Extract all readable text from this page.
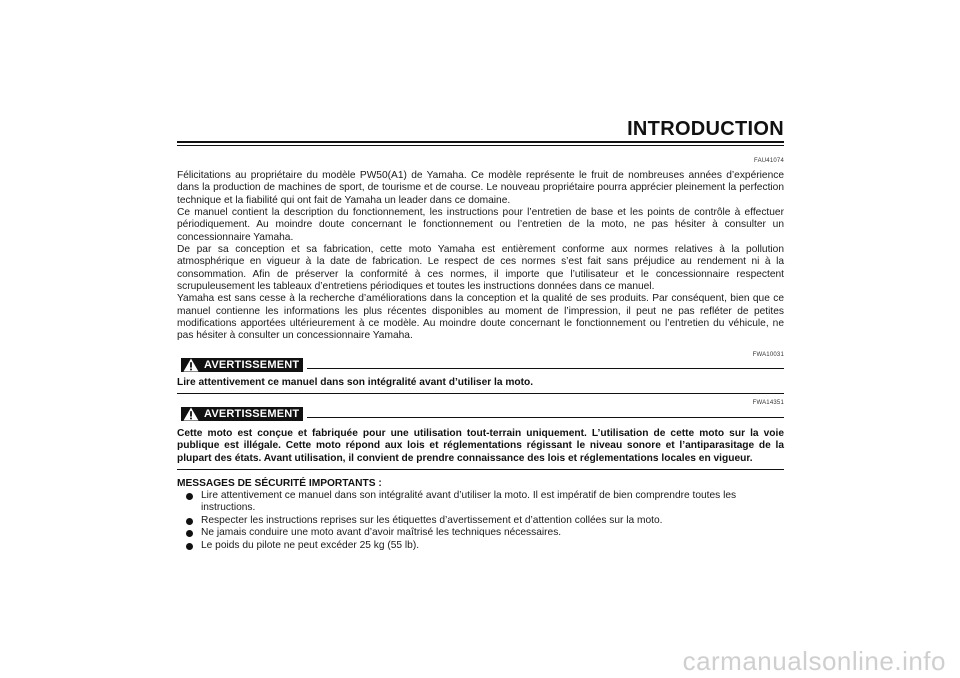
INTRODUCTION
FAU41074

Félicitations au propriétaire du modèle PW50(A1) de Yamaha. Ce modèle représente le fruit de nombreuses années d’expérience dans la production de machines de sport, de tourisme et de course. Le nouveau propriétaire pourra apprécier pleinement la perfection technique et la fiabilité qui ont fait de Yamaha un leader dans ce domaine.

Ce manuel contient la description du fonctionnement, les instructions pour l’entretien de base et les points de contrôle à effectuer périodiquement. Au moindre doute concernant le fonctionnement ou l’entretien de la moto, ne pas hésiter à consulter un concessionnaire Yamaha.

De par sa conception et sa fabrication, cette moto Yamaha est entièrement conforme aux normes relatives à la pollution atmosphérique en vigueur à la date de fabrication. Le respect de ces normes s’est fait sans préjudice au rendement ni à la consommation. Afin de préserver la conformité à ces normes, il importe que l’utilisateur et le concessionnaire respectent scrupuleusement les tableaux d’entretiens périodiques et toutes les instructions données dans ce manuel.

Yamaha est sans cesse à la recherche d’améliorations dans la conception et la qualité de ses produits. Par conséquent, bien que ce manuel contienne les informations les plus récentes disponibles au moment de l’impression, il peut ne pas refléter de petites modifications apportées ultérieurement à ce modèle. Au moindre doute concernant le fonctionnement ou l’entretien du véhicule, ne pas hésiter à consulter un concessionnaire Yamaha.

FWA10031
AVERTISSEMENT
Lire attentivement ce manuel dans son intégralité avant d’utiliser la moto.
FWA14351
AVERTISSEMENT
Cette moto est conçue et fabriquée pour une utilisation tout-terrain uniquement. L’utilisation de cette moto sur la voie publique est illégale. Cette moto répond aux lois et réglementations régissant le niveau sonore et l’antiparasitage de la plupart des états. Avant utilisation, il convient de prendre connaissance des lois et réglementations locales en vigueur.
MESSAGES DE SÉCURITÉ IMPORTANTS :
Lire attentivement ce manuel dans son intégralité avant d’utiliser la moto. Il est impératif de bien comprendre toutes les instructions.
Respecter les instructions reprises sur les étiquettes d’avertissement et d’attention collées sur la moto.
Ne jamais conduire une moto avant d’avoir maîtrisé les techniques nécessaires.
Le poids du pilote ne peut excéder 25 kg (55 lb).
carmanualsonline.info
